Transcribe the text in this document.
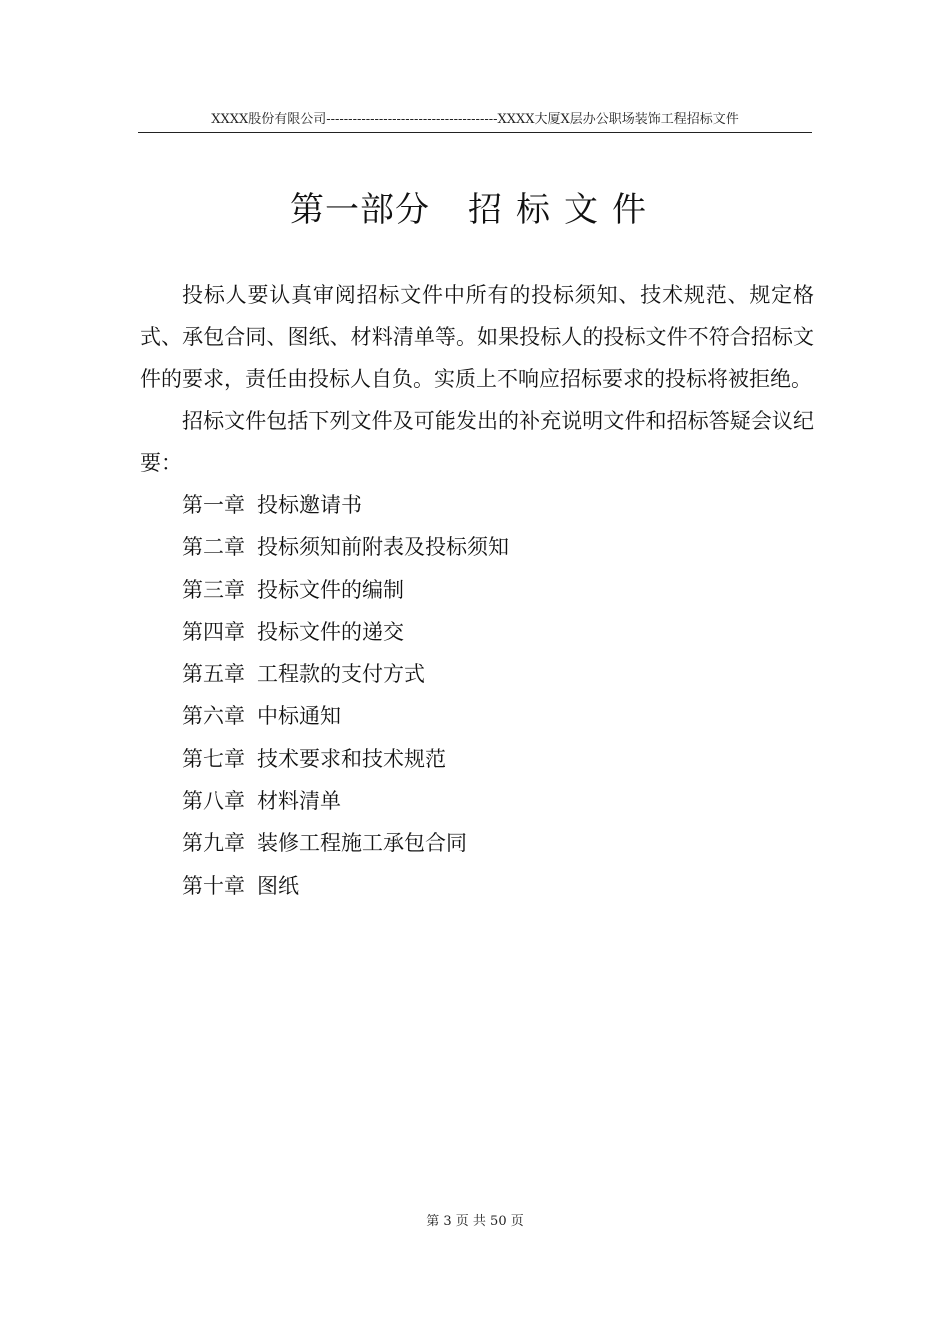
XXXX股份有限公司---------------------------------------XXXX大厦X层办公职场装饰工程招标文件
第一部分 招标文件

投标人要认真审阅招标文件中所有的投标须知、技术规范、规定格式、承包合同、图纸、材料清单等。如果投标人的投标文件不符合招标文件的要求，责任由投标人自负。实质上不响应招标要求的投标将被拒绝。

招标文件包括下列文件及可能发出的补充说明文件和招标答疑会议纪要：

第一章 投标邀请书
第二章 投标须知前附表及投标须知
第三章 投标文件的编制
第四章 投标文件的递交
第五章 工程款的支付方式
第六章 中标通知
第七章 技术要求和技术规范
第八章 材料清单
第九章 装修工程施工承包合同
第十章 图纸
第 3 页 共 50 页
